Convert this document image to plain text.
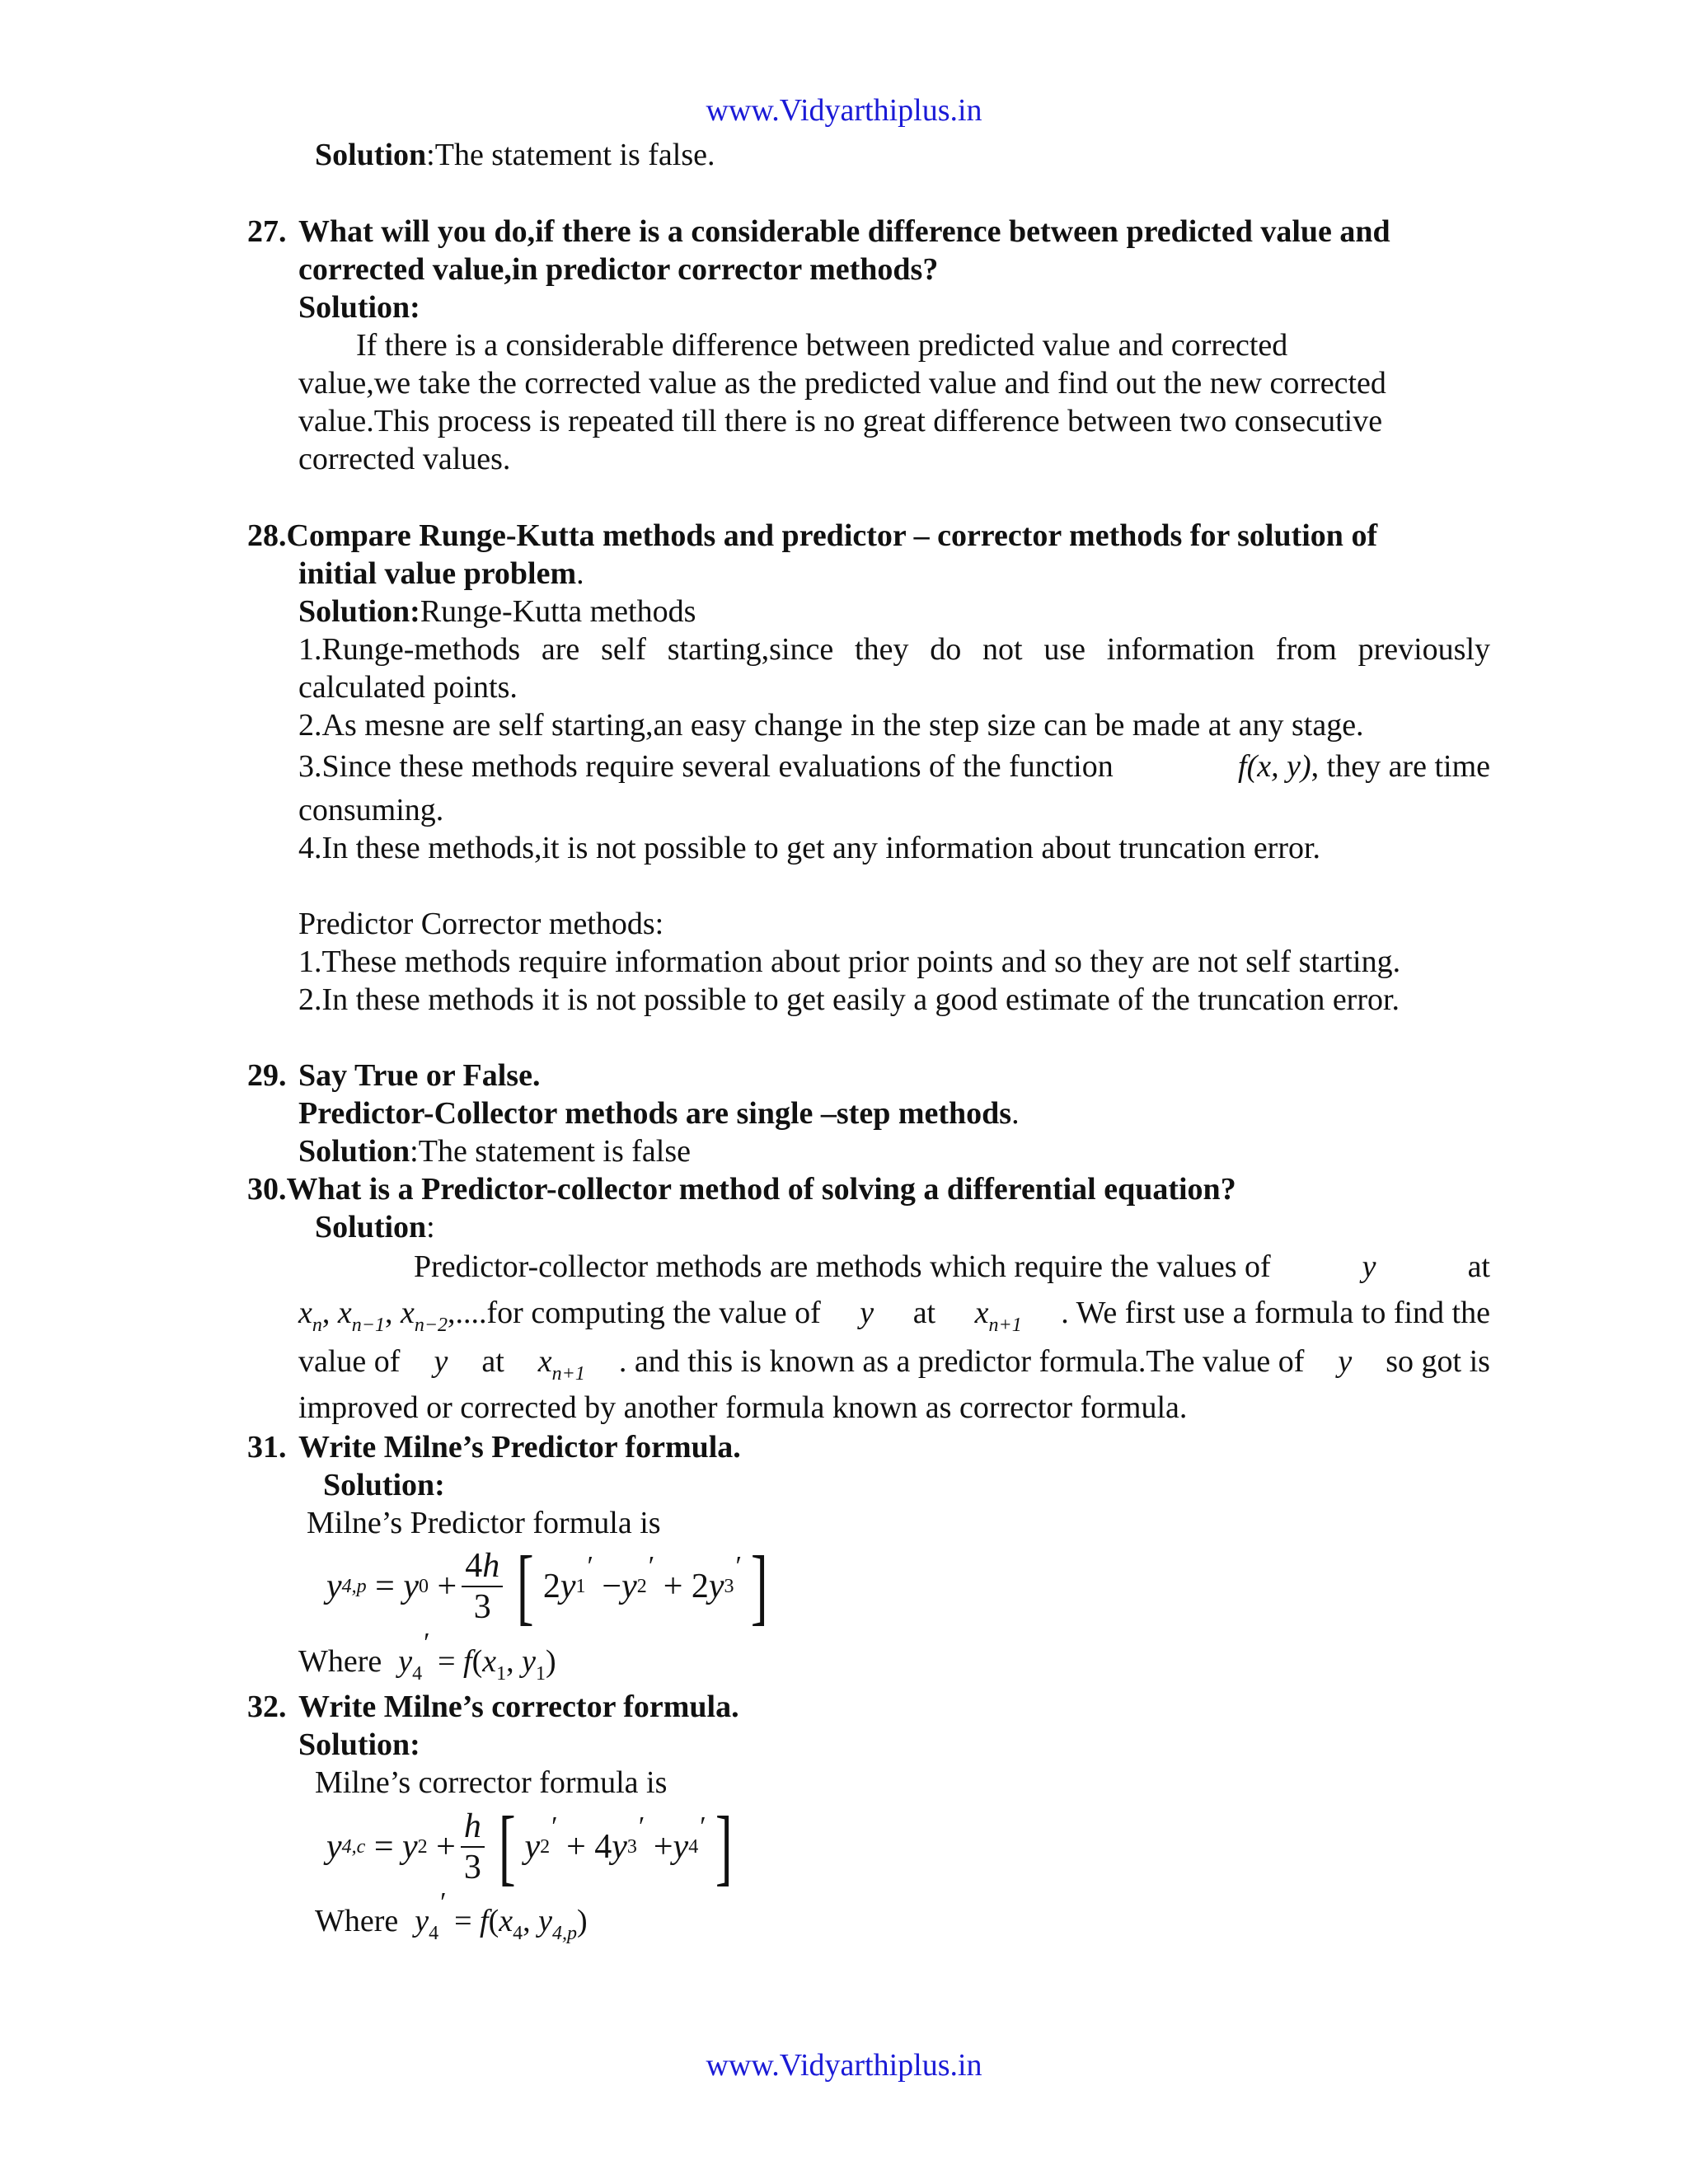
www.Vidyarthiplus.in
Solution:The statement is false.
27. What will you do,if there is a considerable difference between predicted value and
corrected value,in predictor corrector methods?
Solution:
If there is a considerable difference between predicted value and corrected
value,we take the corrected value as the predicted value and find out the new corrected
value.This process is repeated till there is no great difference between two consecutive
corrected values.
28.Compare Runge-Kutta methods and predictor – corrector methods for solution of
initial value problem.
Solution:Runge-Kutta methods
1.Runge-methods are self starting,since they do not use information from previously
calculated points.
2.As mesne are self starting,an easy change in the step size can be made at any stage.
3.Since these methods require several evaluations of the function	f(x, y), they are time
consuming.
4.In these methods,it is not possible to get any information about truncation error.
Predictor Corrector methods:
1.These methods require information about prior points and so they are not self starting.
2.In these methods it is not possible to get easily a good estimate of the truncation error.
29. Say True or False.
Predictor-Collector methods are single –step methods.
Solution:The statement is false
30.What is a Predictor-collector method of solving a differential equation?
Solution:
Predictor-collector methods are methods which require the values of	y	at
$x_n$, $x_{n-1}$, $x_{n-2},....for$ computing the value of y at $x_{n+1}$ . We first use a formula to find the
value of y at $x_{n+1}$ . and this is known as a predictor formula.The value of y so got is
improved or corrected by another formula known as corrector formula.
31. Write Milne’s Predictor formula.
Solution:
Milne’s Predictor formula is
y 4,p = y $0 + \frac{4h}{3}$ [ 2 y 1
′
− y 2
′
+ 2 y 3
′ ]
Where $y_4' = f(x_1$, $y_1$)
32. Write Milne’s corrector formula.
Solution:
Milne’s corrector formula is
y 4,c = y $2 + \frac{h}{3}$ [ y 2
′
+ 4 y 3
′
+ y 4
′ ]
Where $y_4' = f(x_4$, $y_{4,p}$)
www.Vidyarthiplus.in
